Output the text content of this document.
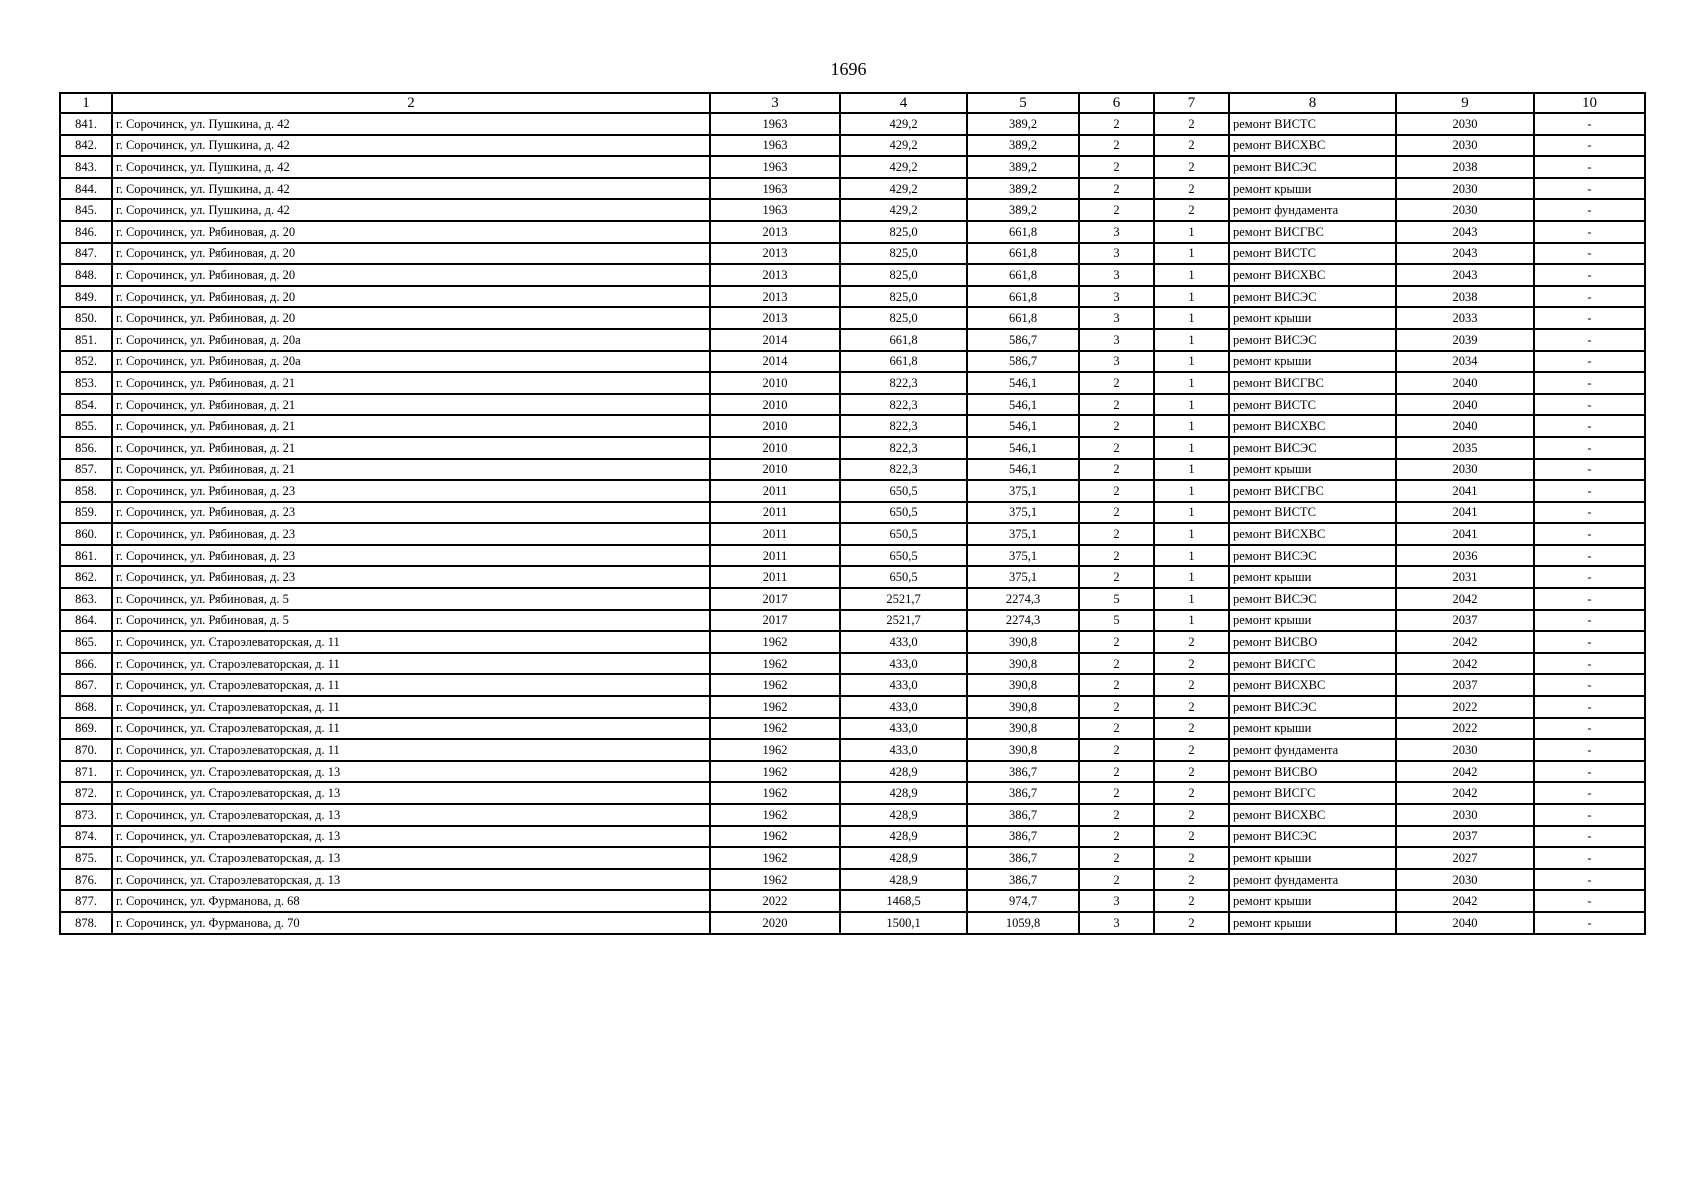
1696
1	2	3	4	5	6	7	8	9	10
841.	г. Сорочинск, ул. Пушкина, д. 42	1963	429,2	389,2	2	2	ремонт ВИСТС	2030	-
842.	г. Сорочинск, ул. Пушкина, д. 42	1963	429,2	389,2	2	2	ремонт ВИСХВС	2030	-
843.	г. Сорочинск, ул. Пушкина, д. 42	1963	429,2	389,2	2	2	ремонт ВИСЭС	2038	-
844.	г. Сорочинск, ул. Пушкина, д. 42	1963	429,2	389,2	2	2	ремонт крыши	2030	-
845.	г. Сорочинск, ул. Пушкина, д. 42	1963	429,2	389,2	2	2	ремонт фундамента	2030	-
846.	г. Сорочинск, ул. Рябиновая, д. 20	2013	825,0	661,8	3	1	ремонт ВИСГВС	2043	-
847.	г. Сорочинск, ул. Рябиновая, д. 20	2013	825,0	661,8	3	1	ремонт ВИСТС	2043	-
848.	г. Сорочинск, ул. Рябиновая, д. 20	2013	825,0	661,8	3	1	ремонт ВИСХВС	2043	-
849.	г. Сорочинск, ул. Рябиновая, д. 20	2013	825,0	661,8	3	1	ремонт ВИСЭС	2038	-
850.	г. Сорочинск, ул. Рябиновая, д. 20	2013	825,0	661,8	3	1	ремонт крыши	2033	-
851.	г. Сорочинск, ул. Рябиновая, д. 20а	2014	661,8	586,7	3	1	ремонт ВИСЭС	2039	-
852.	г. Сорочинск, ул. Рябиновая, д. 20а	2014	661,8	586,7	3	1	ремонт крыши	2034	-
853.	г. Сорочинск, ул. Рябиновая, д. 21	2010	822,3	546,1	2	1	ремонт ВИСГВС	2040	-
854.	г. Сорочинск, ул. Рябиновая, д. 21	2010	822,3	546,1	2	1	ремонт ВИСТС	2040	-
855.	г. Сорочинск, ул. Рябиновая, д. 21	2010	822,3	546,1	2	1	ремонт ВИСХВС	2040	-
856.	г. Сорочинск, ул. Рябиновая, д. 21	2010	822,3	546,1	2	1	ремонт ВИСЭС	2035	-
857.	г. Сорочинск, ул. Рябиновая, д. 21	2010	822,3	546,1	2	1	ремонт крыши	2030	-
858.	г. Сорочинск, ул. Рябиновая, д. 23	2011	650,5	375,1	2	1	ремонт ВИСГВС	2041	-
859.	г. Сорочинск, ул. Рябиновая, д. 23	2011	650,5	375,1	2	1	ремонт ВИСТС	2041	-
860.	г. Сорочинск, ул. Рябиновая, д. 23	2011	650,5	375,1	2	1	ремонт ВИСХВС	2041	-
861.	г. Сорочинск, ул. Рябиновая, д. 23	2011	650,5	375,1	2	1	ремонт ВИСЭС	2036	-
862.	г. Сорочинск, ул. Рябиновая, д. 23	2011	650,5	375,1	2	1	ремонт крыши	2031	-
863.	г. Сорочинск, ул. Рябиновая, д. 5	2017	2521,7	2274,3	5	1	ремонт ВИСЭС	2042	-
864.	г. Сорочинск, ул. Рябиновая, д. 5	2017	2521,7	2274,3	5	1	ремонт крыши	2037	-
865.	г. Сорочинск, ул. Староэлеваторская, д. 11	1962	433,0	390,8	2	2	ремонт ВИСВО	2042	-
866.	г. Сорочинск, ул. Староэлеваторская, д. 11	1962	433,0	390,8	2	2	ремонт ВИСГС	2042	-
867.	г. Сорочинск, ул. Староэлеваторская, д. 11	1962	433,0	390,8	2	2	ремонт ВИСХВС	2037	-
868.	г. Сорочинск, ул. Староэлеваторская, д. 11	1962	433,0	390,8	2	2	ремонт ВИСЭС	2022	-
869.	г. Сорочинск, ул. Староэлеваторская, д. 11	1962	433,0	390,8	2	2	ремонт крыши	2022	-
870.	г. Сорочинск, ул. Староэлеваторская, д. 11	1962	433,0	390,8	2	2	ремонт фундамента	2030	-
871.	г. Сорочинск, ул. Староэлеваторская, д. 13	1962	428,9	386,7	2	2	ремонт ВИСВО	2042	-
872.	г. Сорочинск, ул. Староэлеваторская, д. 13	1962	428,9	386,7	2	2	ремонт ВИСГС	2042	-
873.	г. Сорочинск, ул. Староэлеваторская, д. 13	1962	428,9	386,7	2	2	ремонт ВИСХВС	2030	-
874.	г. Сорочинск, ул. Староэлеваторская, д. 13	1962	428,9	386,7	2	2	ремонт ВИСЭС	2037	-
875.	г. Сорочинск, ул. Староэлеваторская, д. 13	1962	428,9	386,7	2	2	ремонт крыши	2027	-
876.	г. Сорочинск, ул. Староэлеваторская, д. 13	1962	428,9	386,7	2	2	ремонт фундамента	2030	-
877.	г. Сорочинск, ул. Фурманова, д. 68	2022	1468,5	974,7	3	2	ремонт крыши	2042	-
878.	г. Сорочинск, ул. Фурманова, д. 70	2020	1500,1	1059,8	3	2	ремонт крыши	2040	-
